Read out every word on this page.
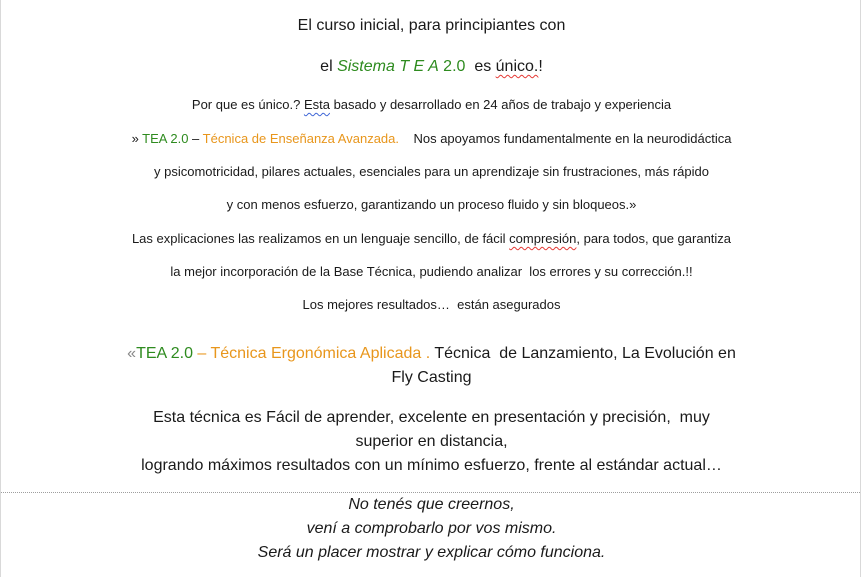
El curso inicial, para principiantes con
el Sistema T E A 2.0  es único.!
Por que es único.? Esta basado y desarrollado en 24 años de trabajo y experiencia
» TEA 2.0 – Técnica de Enseñanza Avanzada.    Nos apoyamos fundamentalmente en la neurodidáctica
y psicomotricidad, pilares actuales, esenciales para un aprendizaje sin frustraciones, más rápido
y con menos esfuerzo, garantizando un proceso fluido y sin bloqueos.»
Las explicaciones las realizamos en un lenguaje sencillo, de fácil compresión, para todos, que garantiza
la mejor incorporación de la Base Técnica, pudiendo analizar  los errores y su corrección.!!
Los mejores resultados…  están asegurados
«TEA 2.0 – Técnica Ergonómica Aplicada . Técnica  de Lanzamiento, La Evolución en
Fly Casting
Esta técnica es Fácil de aprender, excelente en presentación y precisión,  muy
superior en distancia,
logrando máximos resultados con un mínimo esfuerzo, frente al estándar actual…
No tenés que creernos,
vení a comprobarlo por vos mismo.
Será un placer mostrar y explicar cómo funciona.
